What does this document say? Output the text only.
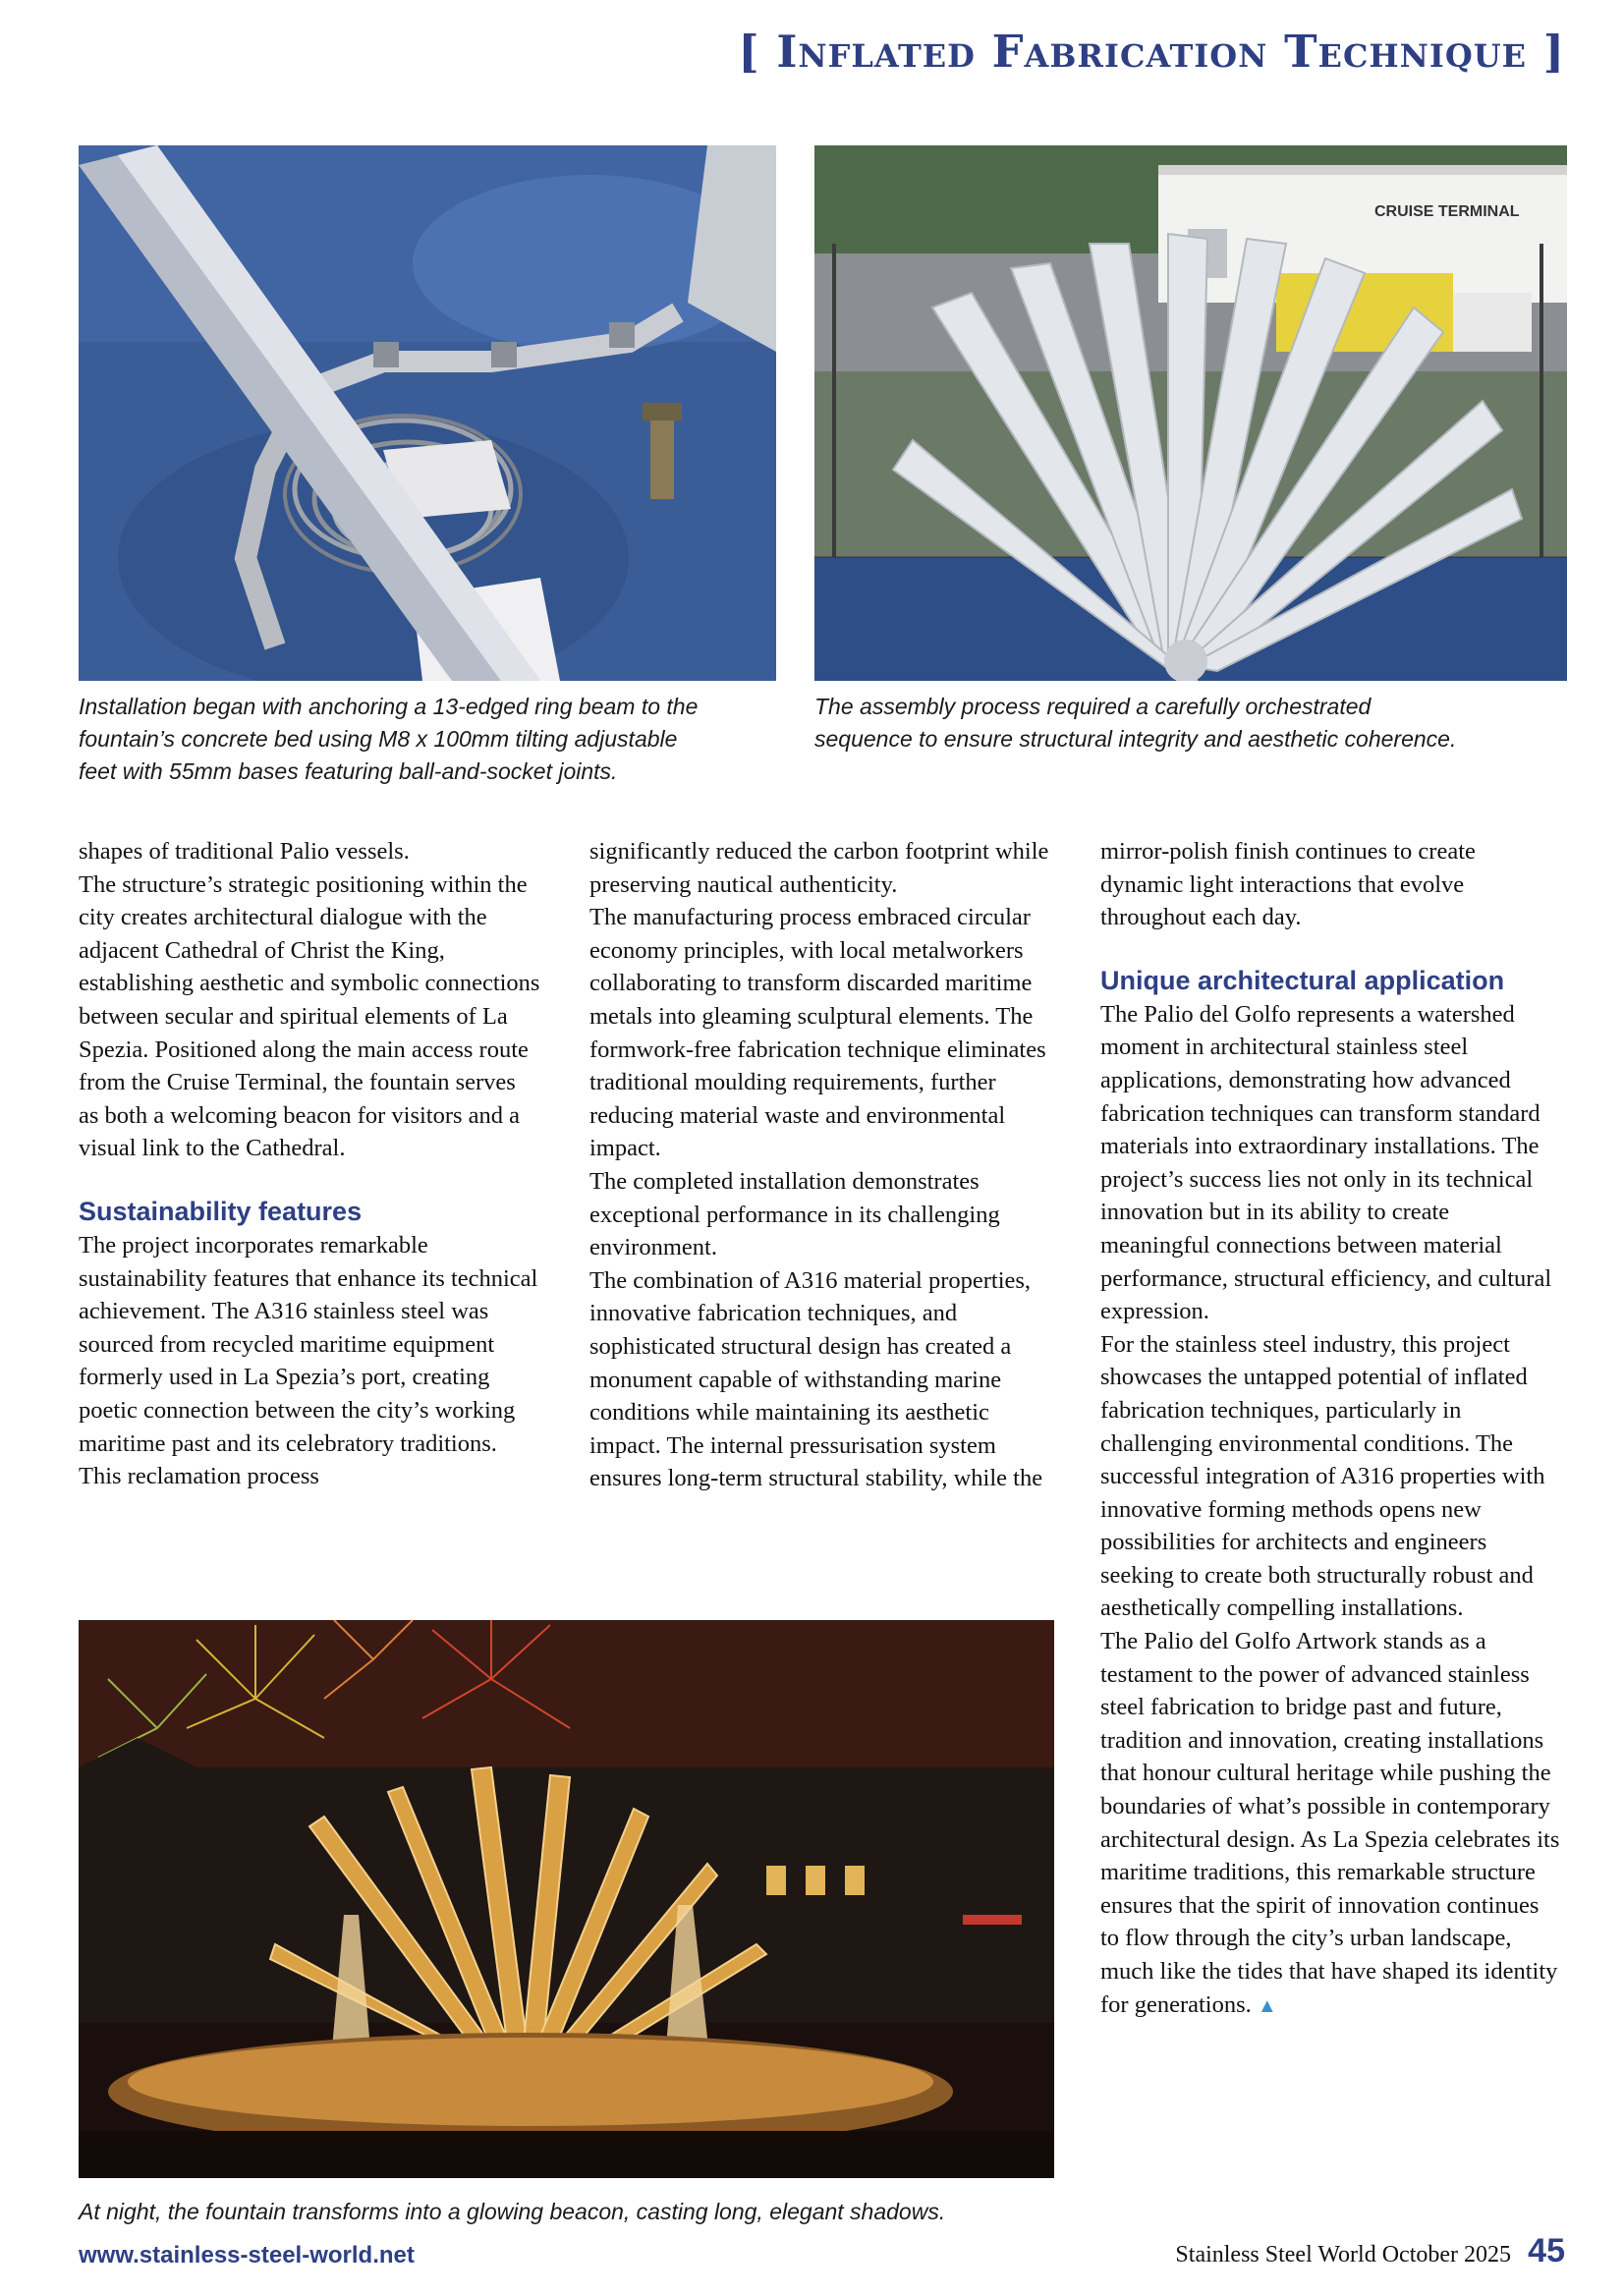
[ Inflated Fabrication Technique ]
Installation began with anchoring a 13-edged ring beam to the
fountain’s concrete bed using M8 x 100mm tilting adjustable
feet with 55mm bases featuring ball-and-socket joints.
CRUISE TERMINAL
The assembly process required a carefully orchestrated
sequence to ensure structural integrity and aesthetic coherence.

shapes of traditional Palio vessels.

The structure’s strategic positioning within the city creates architectural dialogue with the adjacent Cathedral of Christ the King, establishing aesthetic and symbolic connections between secular and spiritual elements of La Spezia. Positioned along the main access route from the Cruise Terminal, the fountain serves as both a welcoming beacon for visitors and a visual link to the Cathedral.

Sustainability features

The project incorporates remarkable sustainability features that enhance its technical achievement. The A316 stainless steel was sourced from recycled maritime equipment formerly used in La Spezia’s port, creating poetic connection between the city’s working maritime past and its celebratory traditions. This reclamation process

significantly reduced the carbon footprint while preserving nautical authenticity.

The manufacturing process embraced circular economy principles, with local metalworkers collaborating to transform discarded maritime metals into gleaming sculptural elements. The formwork-free fabrication technique eliminates traditional moulding requirements, further reducing material waste and environmental impact.

The completed installation demonstrates exceptional performance in its challenging environment.

The combination of A316 material properties, innovative fabrication techniques, and sophisticated structural design has created a monument capable of withstanding marine conditions while maintaining its aesthetic impact. The internal pressurisation system ensures long-term structural stability, while the

mirror-polish finish continues to create dynamic light interactions that evolve throughout each day.

Unique architectural application

The Palio del Golfo represents a watershed moment in architectural stainless steel applications, demonstrating how advanced fabrication techniques can transform standard materials into extraordinary installations. The project’s success lies not only in its technical innovation but in its ability to create meaningful connections between material performance, structural efficiency, and cultural expression.

For the stainless steel industry, this project showcases the untapped potential of inflated fabrication techniques, particularly in challenging environmental conditions. The successful integration of A316 properties with innovative forming methods opens new possibilities for architects and engineers seeking to create both structurally robust and aesthetically compelling installations.

The Palio del Golfo Artwork stands as a testament to the power of advanced stainless steel fabrication to bridge past and future, tradition and innovation, creating installations that honour cultural heritage while pushing the boundaries of what’s possible in contemporary architectural design. As La Spezia celebrates its maritime traditions, this remarkable structure ensures that the spirit of innovation continues to flow through the city’s urban landscape, much like the tides that have shaped its identity for generations. ▲

At night, the fountain transforms into a glowing beacon, casting long, elegant shadows.
www.stainless-steel-world.net	Stainless Steel World October 2025 45
